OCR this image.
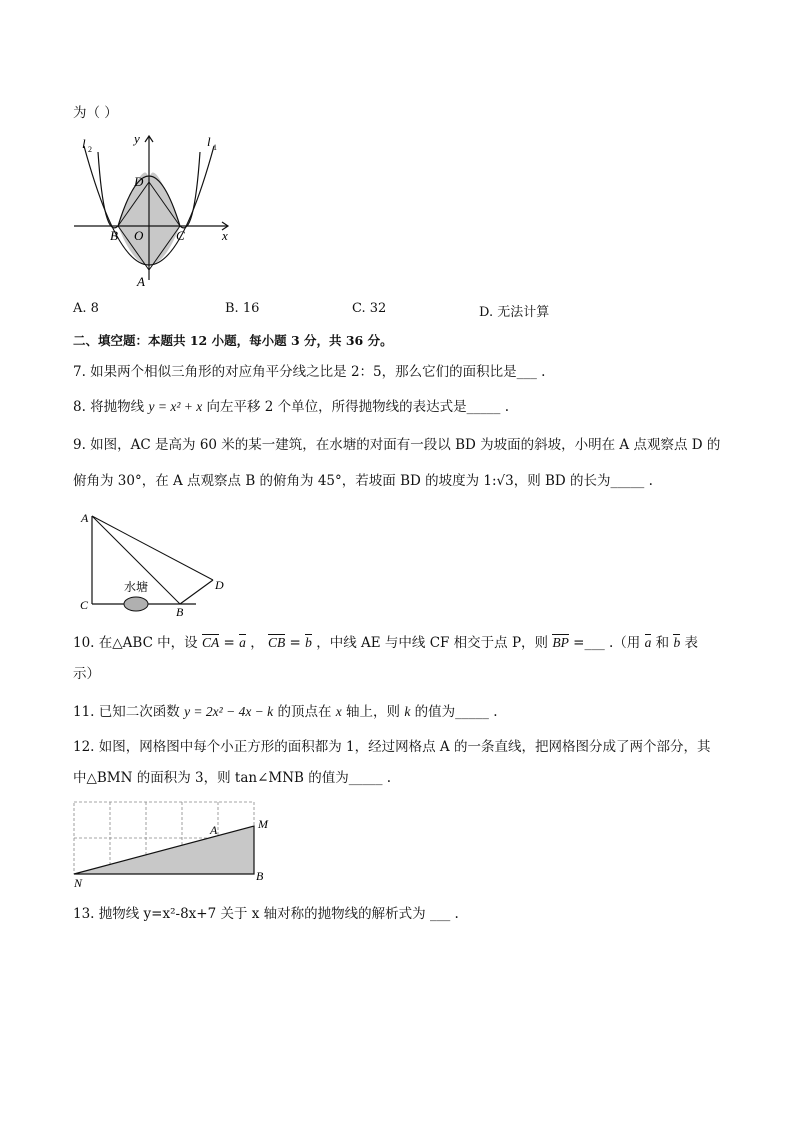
为（ ）
l 2
l 1
y
x
D
B O	C
A
A. 8	B. 16	C. 32	D. 无法计算
二、填空题：本题共 12 小题，每小题 3 分，共 36 分。
7. 如果两个相似三角形的对应角平分线之比是 2：5，那么它们的面积比是___ .
8. 将抛物线 y = x² + x 向左平移 2 个单位，所得抛物线的表达式是_____ .
9. 如图，AC 是高为 60 米的某一建筑，在水塘的对面有一段以 BD 为坡面的斜坡，小明在 A 点观察点 D 的
俯角为 30°，在 A 点观察点 B 的俯角为 45°，若坡面 BD 的坡度为 1:√3，则 BD 的长为_____ .
水塘
A
C	B
D
10. 在△ABC 中，设 CA = a ， CB = b ，中线 AE 与中线 CF 相交于点 P，则 BP =___ .（用 a 和 b 表
示）
11. 已知二次函数 y = 2x² − 4x − k 的顶点在 x 轴上，则 k 的值为_____ .
12. 如图，网格图中每个小正方形的面积都为 1，经过网格点 A 的一条直线，把网格图分成了两个部分，其
中△BMN 的面积为 3，则 tan∠MNB 的值为_____ .
A	M
N	B
13. 抛物线 y=x²-8x+7 关于 x 轴对称的抛物线的解析式为 ___ .
